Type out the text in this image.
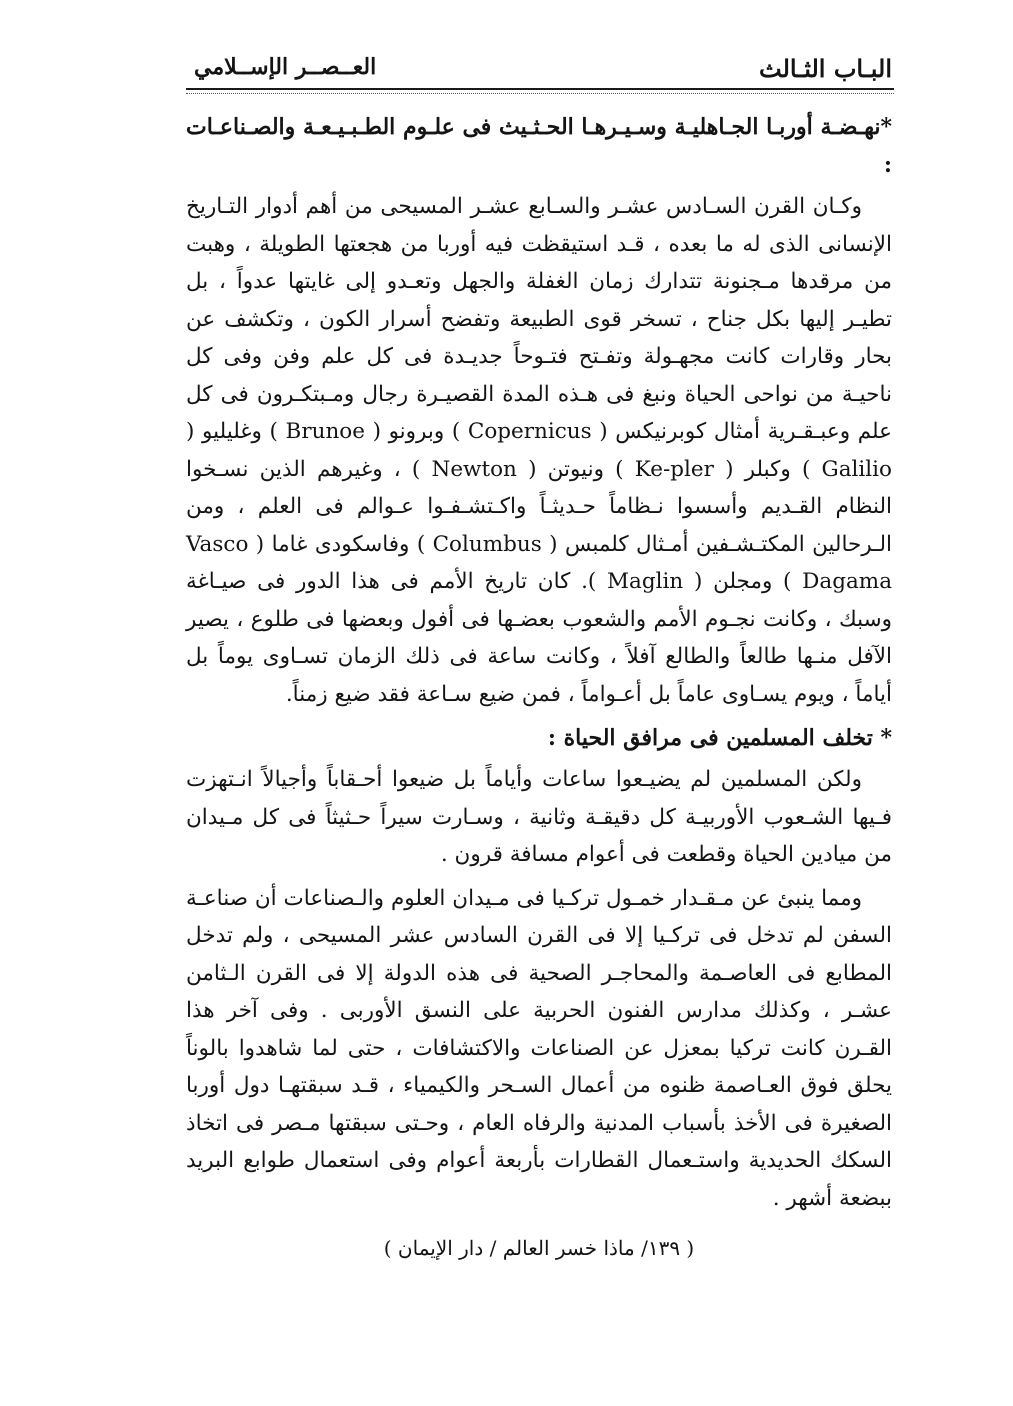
البـاب الثـالث
العــصــر الإســلامي
*نهـضـة أوربـا الجـاهليـة وسـيـرهـا الحـثـيث فى علـوم الطـبـيـعـة والصـناعـات :

وكـان القرن السـادس عشـر والسـابع عشـر المسيحى من أهم أدوار التـاريخ الإنسانى الذى له ما بعده ، قـد استيقظت فيه أوربا من هجعتها الطويلة ، وهبت من مرقدها مـجنونة تتدارك زمان الغفلة والجهل وتعـدو إلى غايتها عدواً ، بل تطيـر إليها بكل جناح ، تسخر قوى الطبيعة وتفضح أسرار الكون ، وتكشف عن بحار وقارات كانت مجهـولة وتفـتح فتـوحاً جديـدة فى كل علم وفن وفى كل ناحيـة من نواحى الحياة ونبغ فى هـذه المدة القصيـرة رجال ومـبتكـرون فى كل علم وعبـقـرية أمثال كوبرنيكس ( Copernicus ) وبرونو ( Brunoe ) وغليليو ( Galilio ) وكبلر ( Ke-pler ) ونيوتن ( Newton ) ، وغيرهم الذين نسـخوا النظام القـديم وأسسوا نـظاماً حـديثـاً واكـتشـفـوا عـوالم فى العلم ، ومن الـرحالين المكتـشـفين أمـثال كلمبس ( Columbus ) وفاسكودى غاما ( Vasco Dagama ) ومجلن ( Maglin ). كان تاريخ الأمم فى هذا الدور فى صيـاغة وسبك ، وكانت نجـوم الأمم والشعوب بعضـها فى أفول وبعضها فى طلوع ، يصير الآفل منـها طالعاً والطالع آفلاً ، وكانت ساعة فى ذلك الزمان تسـاوى يوماً بل أياماً ، ويوم يسـاوى عاماً بل أعـواماً ، فمن ضيع سـاعة فقد ضيع زمناً.

* تخلف المسلمين فى مرافق الحياة :

ولكن المسلمين لم يضيـعوا ساعات وأياماً بل ضيعوا أحـقاباً وأجيالاً انـتهزت فـيها الشـعوب الأوربيـة كل دقيقـة وثانية ، وسـارت سيراً حـثيثاً فى كل مـيدان من ميادين الحياة وقطعت فى أعوام مسافة قرون .

ومما ينبئ عن مـقـدار خمـول تركـيا فى مـيدان العلوم والـصناعات أن صناعـة السفن لم تدخل فى تركـيا إلا فى القرن السادس عشر المسيحى ، ولم تدخل المطابع فى العاصـمة والمحاجـر الصحية فى هذه الدولة إلا فى القرن الـثامن عشـر ، وكذلك مدارس الفنون الحربية على النسق الأوربى . وفى آخر هذا القـرن كانت تركيا بمعزل عن الصناعات والاكتشافات ، حتى لما شاهدوا بالوناً يحلق فوق العـاصمة ظنوه من أعمال السـحر والكيمياء ، قـد سبقتهـا دول أوربا الصغيرة فى الأخذ بأسباب المدنية والرفاه العام ، وحـتى سبقتها مـصر فى اتخاذ السكك الحديدية واستـعمال القطارات بأربعة أعوام وفى استعمال طوابع البريد ببضعة أشهر .

( ١٣٩/ ماذا خسر العالم / دار الإيمان )
